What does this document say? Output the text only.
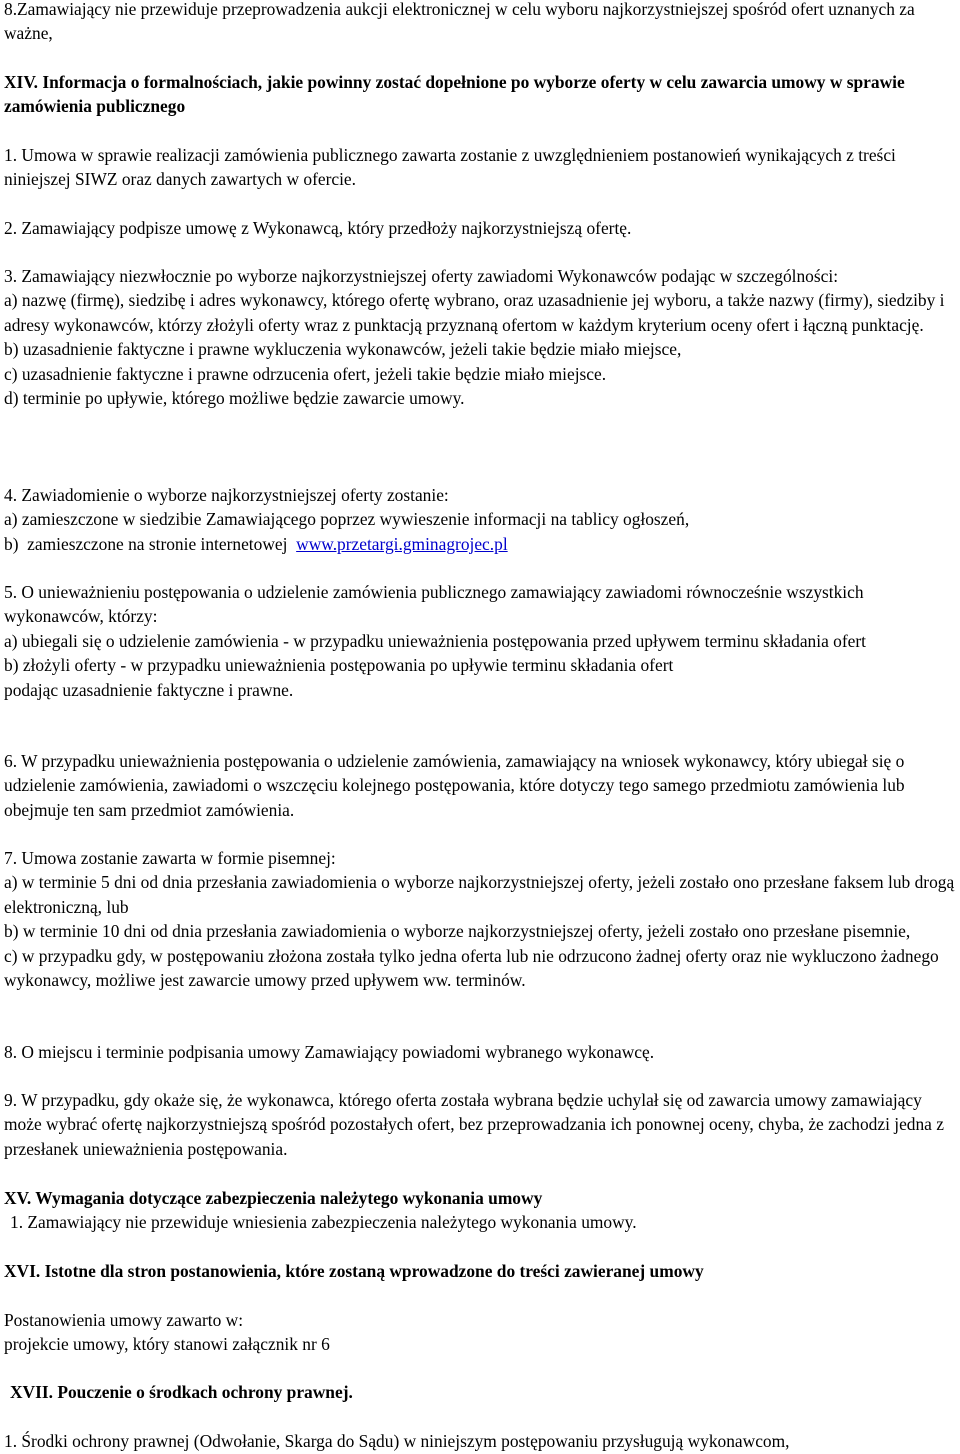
8.Zamawiający nie przewiduje przeprowadzenia aukcji elektronicznej w celu wyboru najkorzystniejszej spośród ofert uznanych za ważne,

XIV. Informacja o formalnościach, jakie powinny zostać dopełnione po wyborze oferty w celu zawarcia umowy w sprawie zamówienia publicznego

1. Umowa w sprawie realizacji zamówienia publicznego zawarta zostanie z uwzględnieniem postanowień wynikających z treści niniejszej SIWZ oraz danych zawartych w ofercie.

2. Zamawiający podpisze umowę z Wykonawcą, który przedłoży najkorzystniejszą ofertę.

3. Zamawiający niezwłocznie po wyborze najkorzystniejszej oferty zawiadomi Wykonawców podając w szczególności:

a) nazwę (firmę), siedzibę i adres wykonawcy, którego ofertę wybrano, oraz uzasadnienie jej wyboru, a także nazwy (firmy), siedziby i adresy wykonawców, którzy złożyli oferty wraz z punktacją przyznaną ofertom w każdym kryterium oceny ofert i łączną punktację.

b) uzasadnienie faktyczne i prawne wykluczenia wykonawców, jeżeli takie będzie miało miejsce,

c) uzasadnienie faktyczne i prawne odrzucenia ofert, jeżeli takie będzie miało miejsce.

d) terminie po upływie, którego możliwe będzie zawarcie umowy.

4. Zawiadomienie o wyborze najkorzystniejszej oferty zostanie:

a) zamieszczone w siedzibie Zamawiającego poprzez wywieszenie informacji na tablicy ogłoszeń,

b)  zamieszczone na stronie internetowej  www.przetargi.gminagrojec.pl

5. O unieważnieniu postępowania o udzielenie zamówienia publicznego zamawiający zawiadomi równocześnie wszystkich wykonawców, którzy:

a) ubiegali się o udzielenie zamówienia - w przypadku unieważnienia postępowania przed upływem terminu składania ofert

b) złożyli oferty - w przypadku unieważnienia postępowania po upływie terminu składania ofert

podając uzasadnienie faktyczne i prawne.

6. W przypadku unieważnienia postępowania o udzielenie zamówienia, zamawiający na wniosek wykonawcy, który ubiegał się o udzielenie zamówienia, zawiadomi o wszczęciu kolejnego postępowania, które dotyczy tego samego przedmiotu zamówienia lub obejmuje ten sam przedmiot zamówienia.

7. Umowa zostanie zawarta w formie pisemnej:

a) w terminie 5 dni od dnia przesłania zawiadomienia o wyborze najkorzystniejszej oferty, jeżeli zostało ono przesłane faksem lub drogą elektroniczną, lub

b) w terminie 10 dni od dnia przesłania zawiadomienia o wyborze najkorzystniejszej oferty, jeżeli zostało ono przesłane pisemnie,

c) w przypadku gdy, w postępowaniu złożona została tylko jedna oferta lub nie odrzucono żadnej oferty oraz nie wykluczono żadnego wykonawcy, możliwe jest zawarcie umowy przed upływem ww. terminów.

8. O miejscu i terminie podpisania umowy Zamawiający powiadomi wybranego wykonawcę.

9. W przypadku, gdy okaże się, że wykonawca, którego oferta została wybrana będzie uchylał się od zawarcia umowy zamawiający może wybrać ofertę najkorzystniejszą spośród pozostałych ofert, bez przeprowadzania ich ponownej oceny, chyba, że zachodzi jedna z przesłanek unieważnienia postępowania.

XV. Wymagania dotyczące zabezpieczenia należytego wykonania umowy

1. Zamawiający nie przewiduje wniesienia zabezpieczenia należytego wykonania umowy.

XVI. Istotne dla stron postanowienia, które zostaną wprowadzone do treści zawieranej umowy

Postanowienia umowy zawarto w:

projekcie umowy, który stanowi załącznik nr 6

XVII. Pouczenie o środkach ochrony prawnej.

1. Środki ochrony prawnej (Odwołanie, Skarga do Sądu) w niniejszym postępowaniu przysługują wykonawcom,
